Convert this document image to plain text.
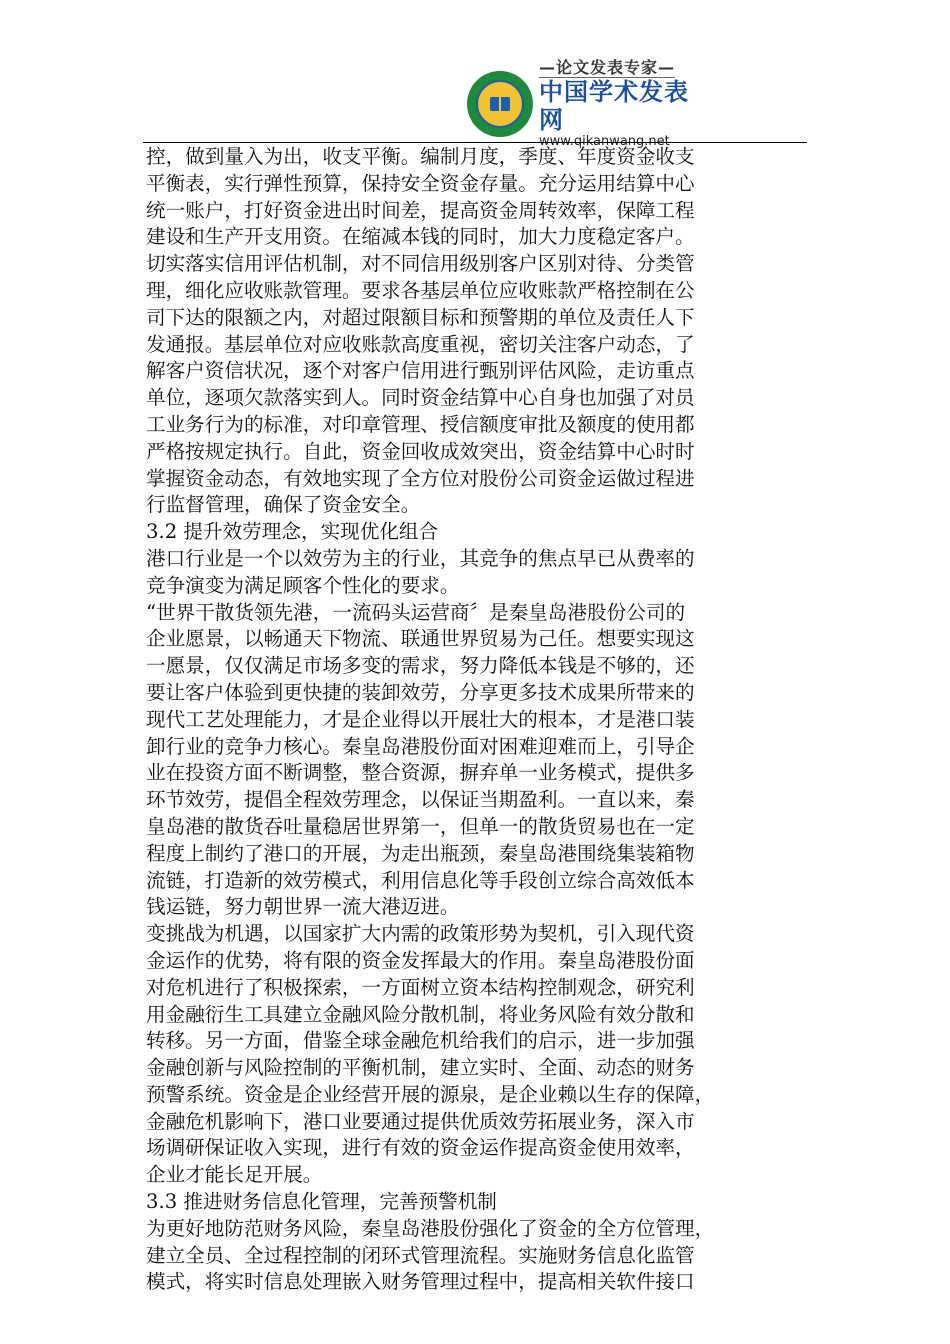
—论文发表专家—
中国学术发表网
www.qikanwang.net
控，做到量入为出，收支平衡。编制月度，季度、年度资金收支
平衡表，实行弹性预算，保持安全资金存量。充分运用结算中心
统一账户，打好资金进出时间差，提高资金周转效率，保障工程
建设和生产开支用资。在缩减本钱的同时，加大力度稳定客户。
切实落实信用评估机制，对不同信用级别客户区别对待、分类管
理，细化应收账款管理。要求各基层单位应收账款严格控制在公
司下达的限额之内，对超过限额目标和预警期的单位及责任人下
发通报。基层单位对应收账款高度重视，密切关注客户动态，了
解客户资信状况，逐个对客户信用进行甄别评估风险，走访重点
单位，逐项欠款落实到人。同时资金结算中心自身也加强了对员
工业务行为的标准，对印章管理、授信额度审批及额度的使用都
严格按规定执行。自此，资金回收成效突出，资金结算中心时时
掌握资金动态，有效地实现了全方位对股份公司资金运做过程进
行监督管理，确保了资金安全。
3.2 提升效劳理念，实现优化组合
港口行业是一个以效劳为主的行业，其竞争的焦点早已从费率的
竞争演变为满足顾客个性化的要求。
“世界干散货领先港，一流码头运营商〞是秦皇岛港股份公司的
企业愿景，以畅通天下物流、联通世界贸易为己任。想要实现这
一愿景，仅仅满足市场多变的需求，努力降低本钱是不够的，还
要让客户体验到更快捷的装卸效劳，分享更多技术成果所带来的
现代工艺处理能力，才是企业得以开展壮大的根本，才是港口装
卸行业的竞争力核心。秦皇岛港股份面对困难迎难而上，引导企
业在投资方面不断调整，整合资源，摒弃单一业务模式，提供多
环节效劳，提倡全程效劳理念，以保证当期盈利。一直以来，秦
皇岛港的散货吞吐量稳居世界第一，但单一的散货贸易也在一定
程度上制约了港口的开展，为走出瓶颈，秦皇岛港围绕集装箱物
流链，打造新的效劳模式，利用信息化等手段创立综合高效低本
钱运链，努力朝世界一流大港迈进。
变挑战为机遇，以国家扩大内需的政策形势为契机，引入现代资
金运作的优势，将有限的资金发挥最大的作用。秦皇岛港股份面
对危机进行了积极探索，一方面树立资本结构控制观念，研究利
用金融衍生工具建立金融风险分散机制，将业务风险有效分散和
转移。另一方面，借鉴全球金融危机给我们的启示，进一步加强
金融创新与风险控制的平衡机制，建立实时、全面、动态的财务
预警系统。资金是企业经营开展的源泉，是企业赖以生存的保障，
金融危机影响下，港口业要通过提供优质效劳拓展业务，深入市
场调研保证收入实现，进行有效的资金运作提高资金使用效率，
企业才能长足开展。
3.3 推进财务信息化管理，完善预警机制
为更好地防范财务风险，秦皇岛港股份强化了资金的全方位管理，
建立全员、全过程控制的闭环式管理流程。实施财务信息化监管
模式，将实时信息处理嵌入财务管理过程中，提高相关软件接口
